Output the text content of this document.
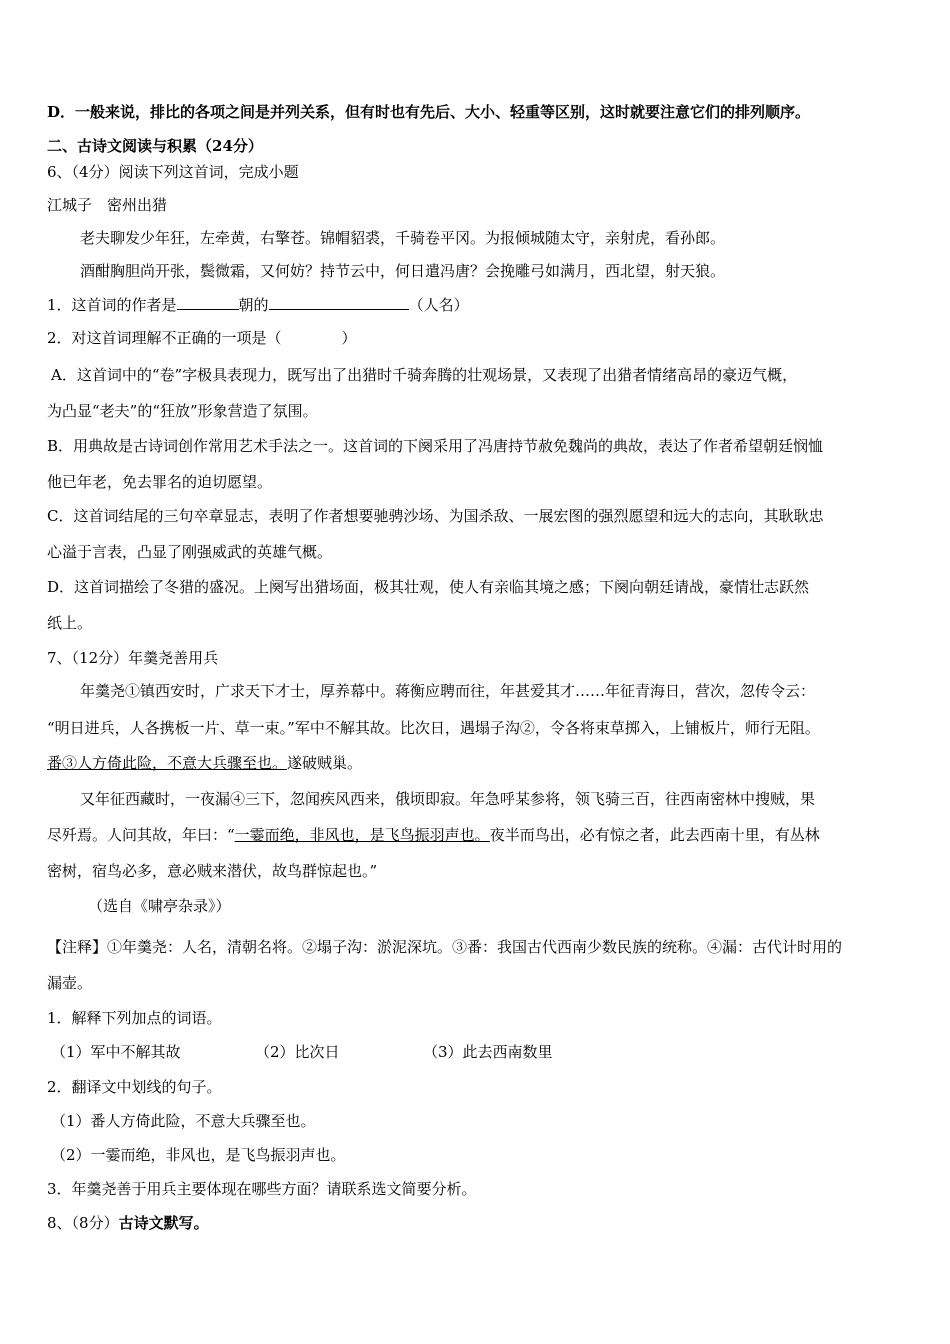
D．一般来说，排比的各项之间是并列关系，但有时也有先后、大小、轻重等区别，这时就要注意它们的排列顺序。
二、古诗文阅读与积累（24分）
6、（4分）阅读下列这首词，完成小题
江城子　密州出猎
老夫聊发少年狂，左牵黄，右擎苍。锦帽貂裘，千骑卷平冈。为报倾城随太守，亲射虎，看孙郎。
酒酣胸胆尚开张，鬓微霜，又何妨？持节云中，何日遣冯唐？会挽雕弓如满月，西北望，射天狼。
1．这首词的作者是	朝的	（人名）
2．对这首词理解不正确的一项是（　　　　）
A．这首词中的“卷”字极具表现力，既写出了出猎时千骑奔腾的壮观场景，又表现了出猎者情绪高昂的豪迈气概，
为凸显“老夫”的“狂放”形象营造了氛围。
B．用典故是古诗词创作常用艺术手法之一。这首词的下阕采用了冯唐持节赦免魏尚的典故，表达了作者希望朝廷悯恤
他已年老，免去罪名的迫切愿望。
C．这首词结尾的三句卒章显志，表明了作者想要驰骋沙场、为国杀敌、一展宏图的强烈愿望和远大的志向，其耿耿忠
心溢于言表，凸显了刚强威武的英雄气概。
D．这首词描绘了冬猎的盛况。上阕写出猎场面，极其壮观，使人有亲临其境之感；下阕向朝廷请战，豪情壮志跃然
纸上。
7、（12分）年羹尧善用兵
年羹尧①镇西安时，广求天下才士，厚养幕中。蒋衡应聘而往，年甚爱其才……年征青海日，营次，忽传令云：
“明日进兵，人各携板一片、草一束。”军中不解其故。比次日，遇塌子沟②，令各将束草掷入，上铺板片，师行无阻。
番③人方倚此险，不意大兵骤至也。遂破贼巢。
又年征西藏时，一夜漏④三下，忽闻疾风西来，俄顷即寂。年急呼某参将，领飞骑三百，往西南密林中搜贼，果
尽歼焉。人问其故，年曰：“一霎而绝，非风也，是飞鸟振羽声也。夜半而鸟出，必有惊之者，此去西南十里，有丛林
密树，宿鸟必多，意必贼来潜伏，故鸟群惊起也。”
（选自《啸亭杂录》）
【注释】①年羹尧：人名，清朝名将。②塌子沟：淤泥深坑。③番：我国古代西南少数民族的统称。④漏：古代计时用的
漏壶。
1．解释下列加点的词语。
（1）军中不解其故	（2）比次日	（3）此去西南数里
2．翻译文中划线的句子。
（1）番人方倚此险，不意大兵骤至也。
（2）一霎而绝，非风也，是飞鸟振羽声也。
3．年羹尧善于用兵主要体现在哪些方面？请联系选文简要分析。
8、（8分）古诗文默写。
